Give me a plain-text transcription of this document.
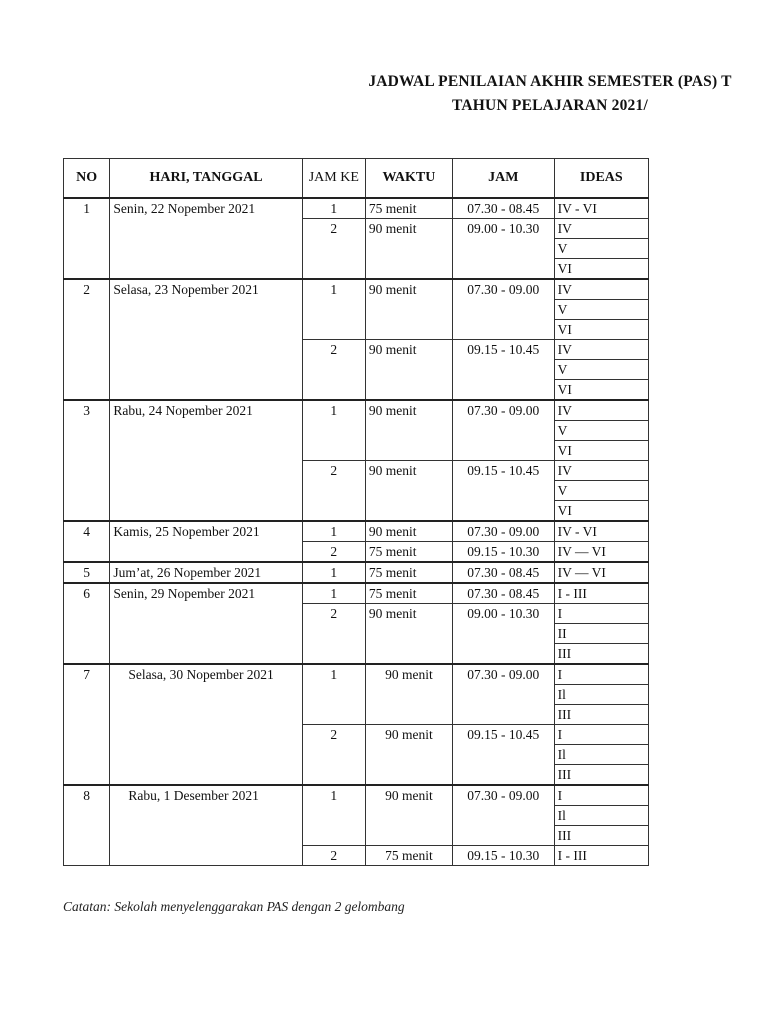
JADWAL PENILAIAN AKHIR SEMESTER (PAS) T
TAHUN PELAJARAN 2021/
NO	HARI, TANGGAL	JAM KE	WAKTU	JAM	IDEAS
1	Senin, 22 Nopember 2021	1	75 menit	07.30 - 08.45	IV - VI
		2	90 menit	09.00 - 10.30	IV
					V
					VI
2	Selasa, 23 Nopember 2021	1	90 menit	07.30 - 09.00	IV
					V
					VI
		2	90 menit	09.15 - 10.45	IV
					V
					VI
3	Rabu, 24 Nopember 2021	1	90 menit	07.30 - 09.00	IV
					V
					VI
		2	90 menit	09.15 - 10.45	IV
					V
					VI
4	Kamis, 25 Nopember 2021	1	90 menit	07.30 - 09.00	IV - VI
		2	75 menit	09.15 - 10.30	IV — VI
5	Jum’at, 26 Nopember 2021	1	75 menit	07.30 - 08.45	IV — VI
6	Senin, 29 Nopember 2021	1	75 menit	07.30 - 08.45	I - III
		2	90 menit	09.00 - 10.30	I
					II
					III
7	Selasa, 30 Nopember 2021	1	90 menit	07.30 - 09.00	I
					Il
					III
		2	90 menit	09.15 - 10.45	I
					Il
					III
8	Rabu, 1 Desember 2021	1	90 menit	07.30 - 09.00	I
					Il
					III
		2	75 menit	09.15 - 10.30	I - III
Catatan: Sekolah menyelenggarakan PAS dengan 2 gelombang
